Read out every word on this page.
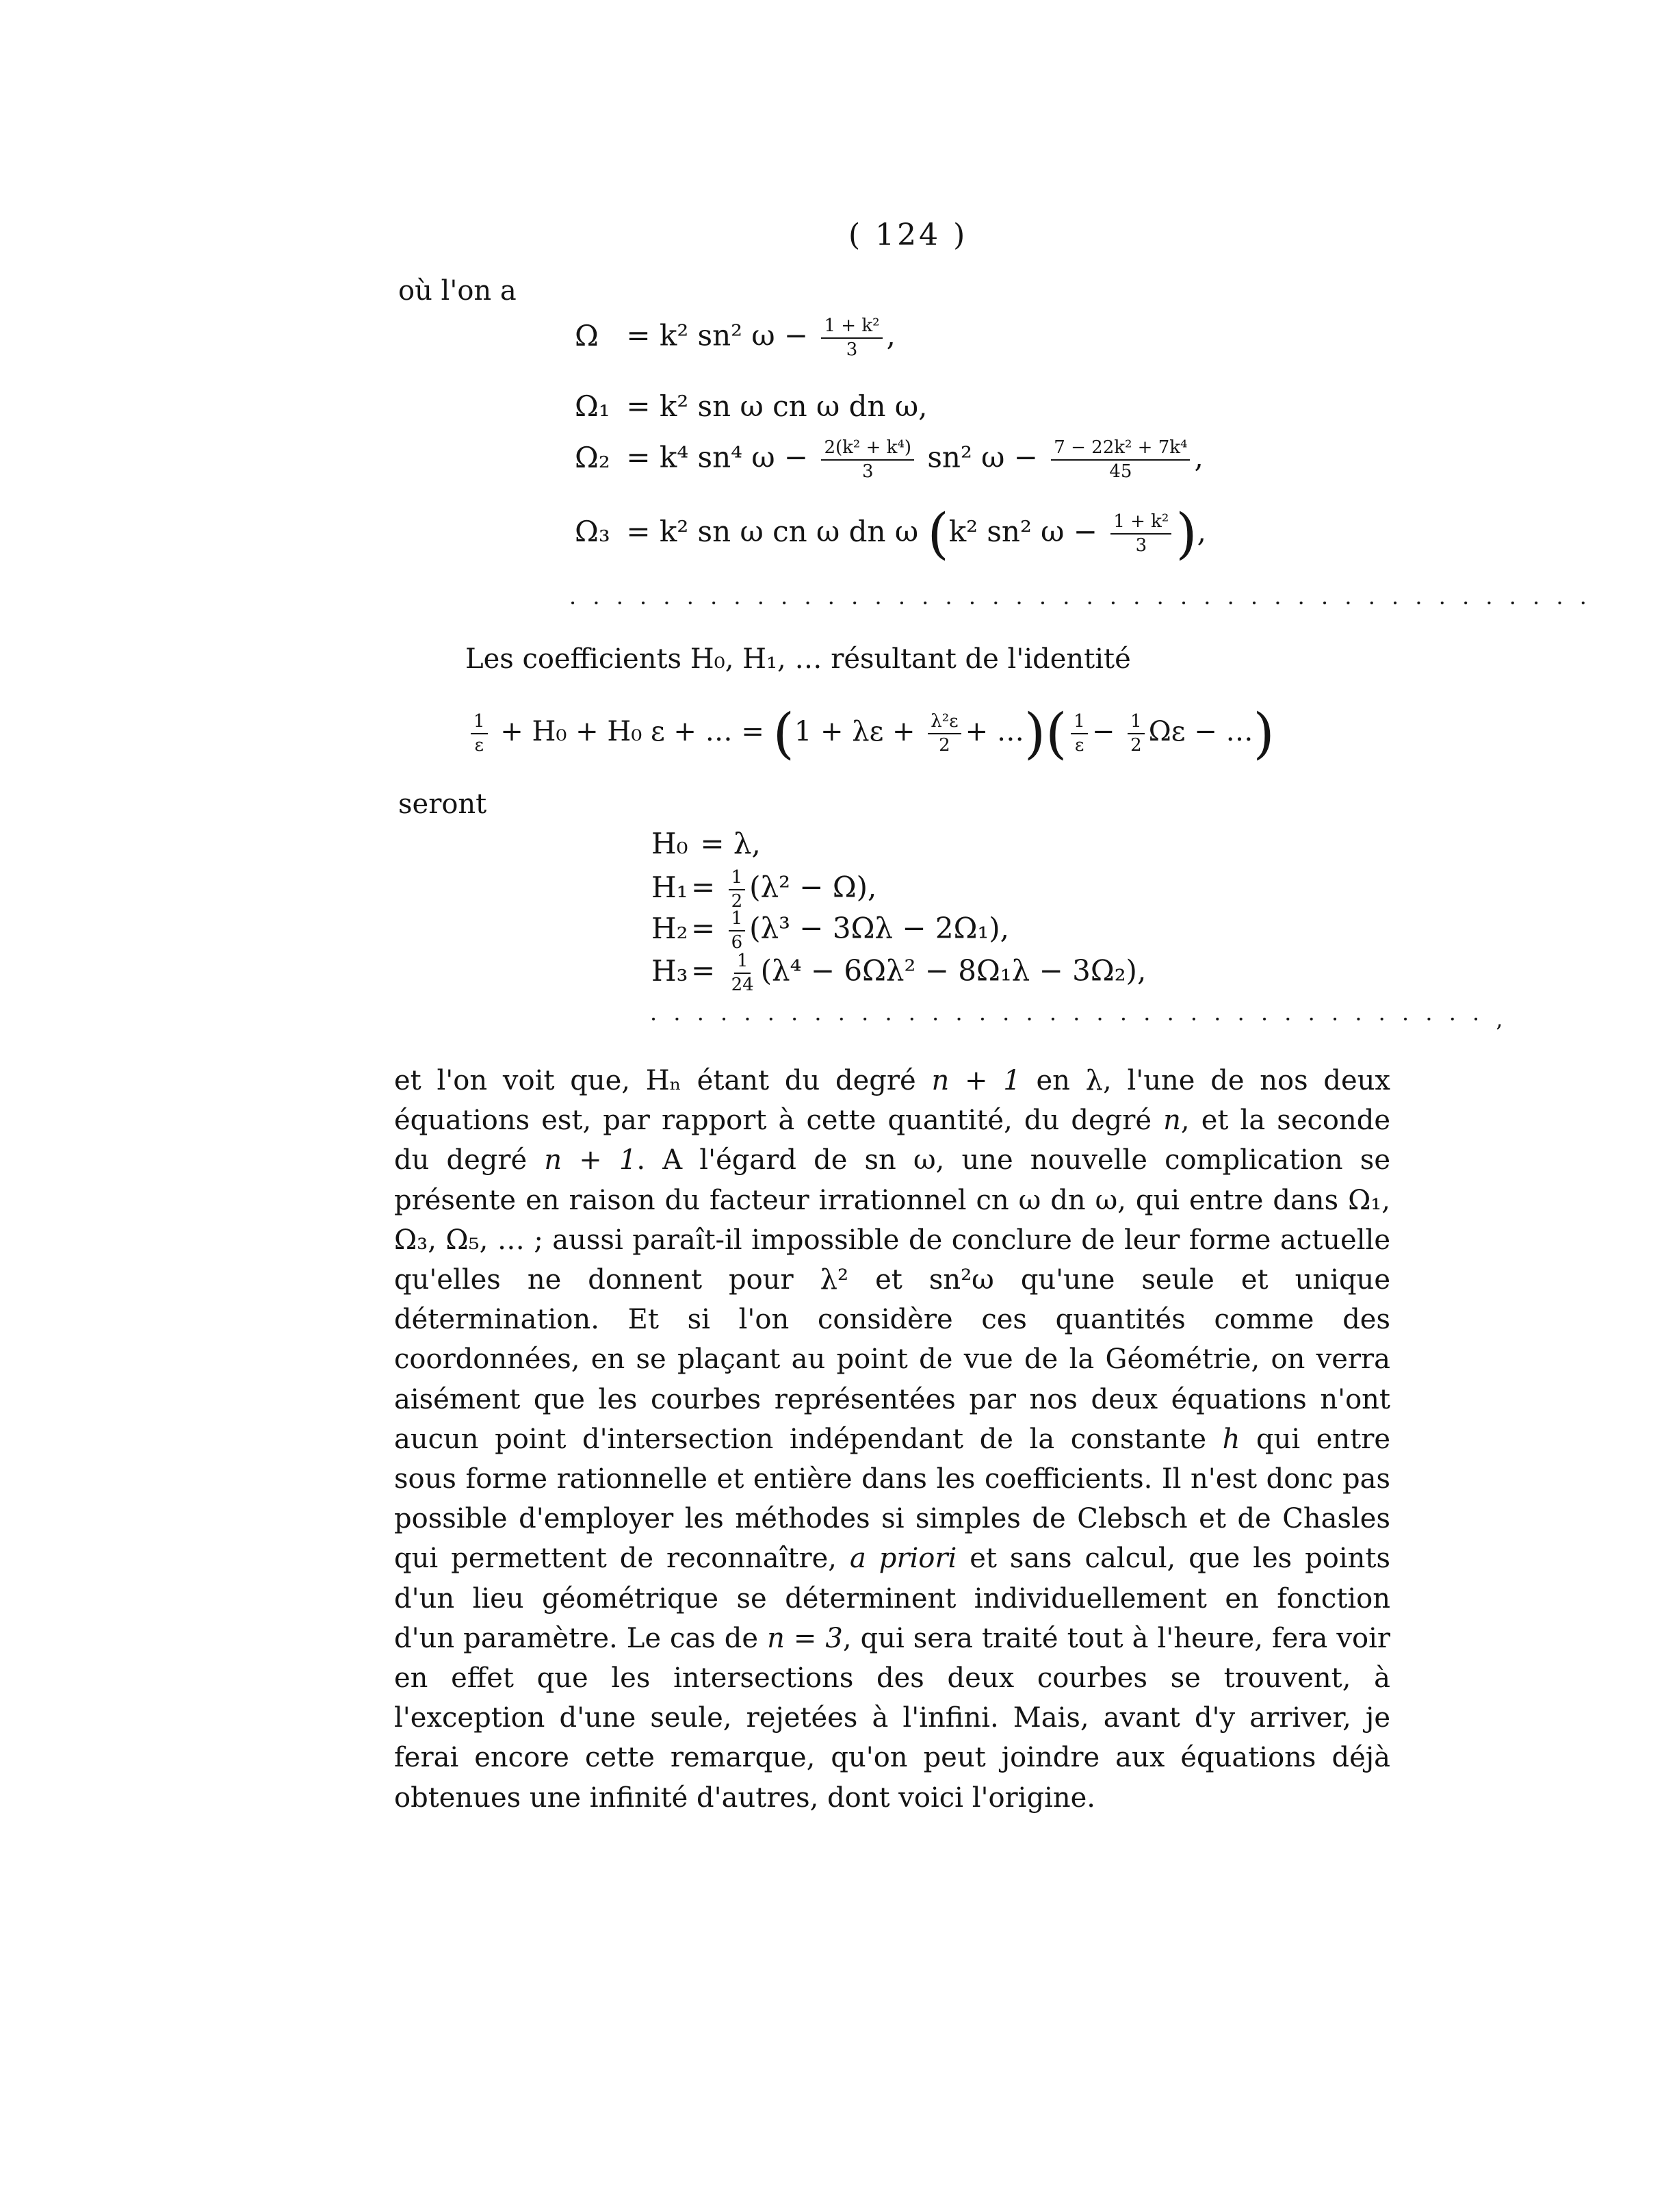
( 124 )
où l'on a
Ω = k² sn² $\omega - \frac{\text{1 + k²}}{3}$ ,
Ω₁ = k² sn ω cn ω dn ω,
Ω₂ = k⁴ sn⁴ $\omega - \frac{\text{2(k² + k⁴)}}{3} sn^2$ $\omega - \frac{\text{7 − 22k² + 7k⁴}}{45}$ ,
Ω₃ = k² sn ω cn ω dn ω (k² sn² $\omega - \frac{\text{1 + k²}}{3}$ ),
· · · · · · · · · · · · · · · · · · · · · · · · · · · · · · · · · · · · · · · · · · · ·
Les coefficients H₀, H₁, … résultant de l'identité
$\frac{1}{\varepsilon} + H_0 + H_0$ ε + … = ($1 + \lambda\varepsilon + \frac{\text{λ²ε}}{2}$ + …)( $\frac{1}{\varepsilon} - \frac{1}{2}$ Ωε − …)
seront
H₀ = λ,
$H_1 = \frac{1}{2} (\lambda^2 - \Omega)$,
$H_2 = \frac{1}{6} (\lambda^3 - 3\Omega\lambda - 2\Omega_1)$,
$H_3 = \frac{1}{24} (\lambda^4 - 6\Omega\lambda^2 - 8\Omega_1\lambda - 3\Omega_2)$,
· · · · · · · · · · · · · · · · · · · · · · · · · · · · · · · · · · · · ,

et l'on voit que, Hₙ étant du degré n + 1 en λ, l'une de nos deux équations est, par rapport à cette quantité, du degré n, et la seconde du degré n + 1. A l'égard de sn ω, une nouvelle complication se présente en raison du facteur irrationnel cn ω dn ω, qui entre dans Ω₁, Ω₃, Ω₅, … ; aussi paraît-il impossible de conclure de leur forme actuelle qu'elles ne donnent pour λ² et sn²ω qu'une seule et unique détermination. Et si l'on considère ces quantités comme des coordonnées, en se plaçant au point de vue de la Géométrie, on verra aisément que les courbes représentées par nos deux équations n'ont aucun point d'intersection indépendant de la constante h qui entre sous forme rationnelle et entière dans les coefficients. Il n'est donc pas possible d'employer les méthodes si simples de Clebsch et de Chasles qui permettent de reconnaître, a priori et sans calcul, que les points d'un lieu géométrique se déterminent individuellement en fonction d'un paramètre. Le cas de n = 3, qui sera traité tout à l'heure, fera voir en effet que les intersections des deux courbes se trouvent, à l'exception d'une seule, rejetées à l'infini. Mais, avant d'y arriver, je ferai encore cette remarque, qu'on peut joindre aux équations déjà obtenues une infinité d'autres, dont voici l'origine.
